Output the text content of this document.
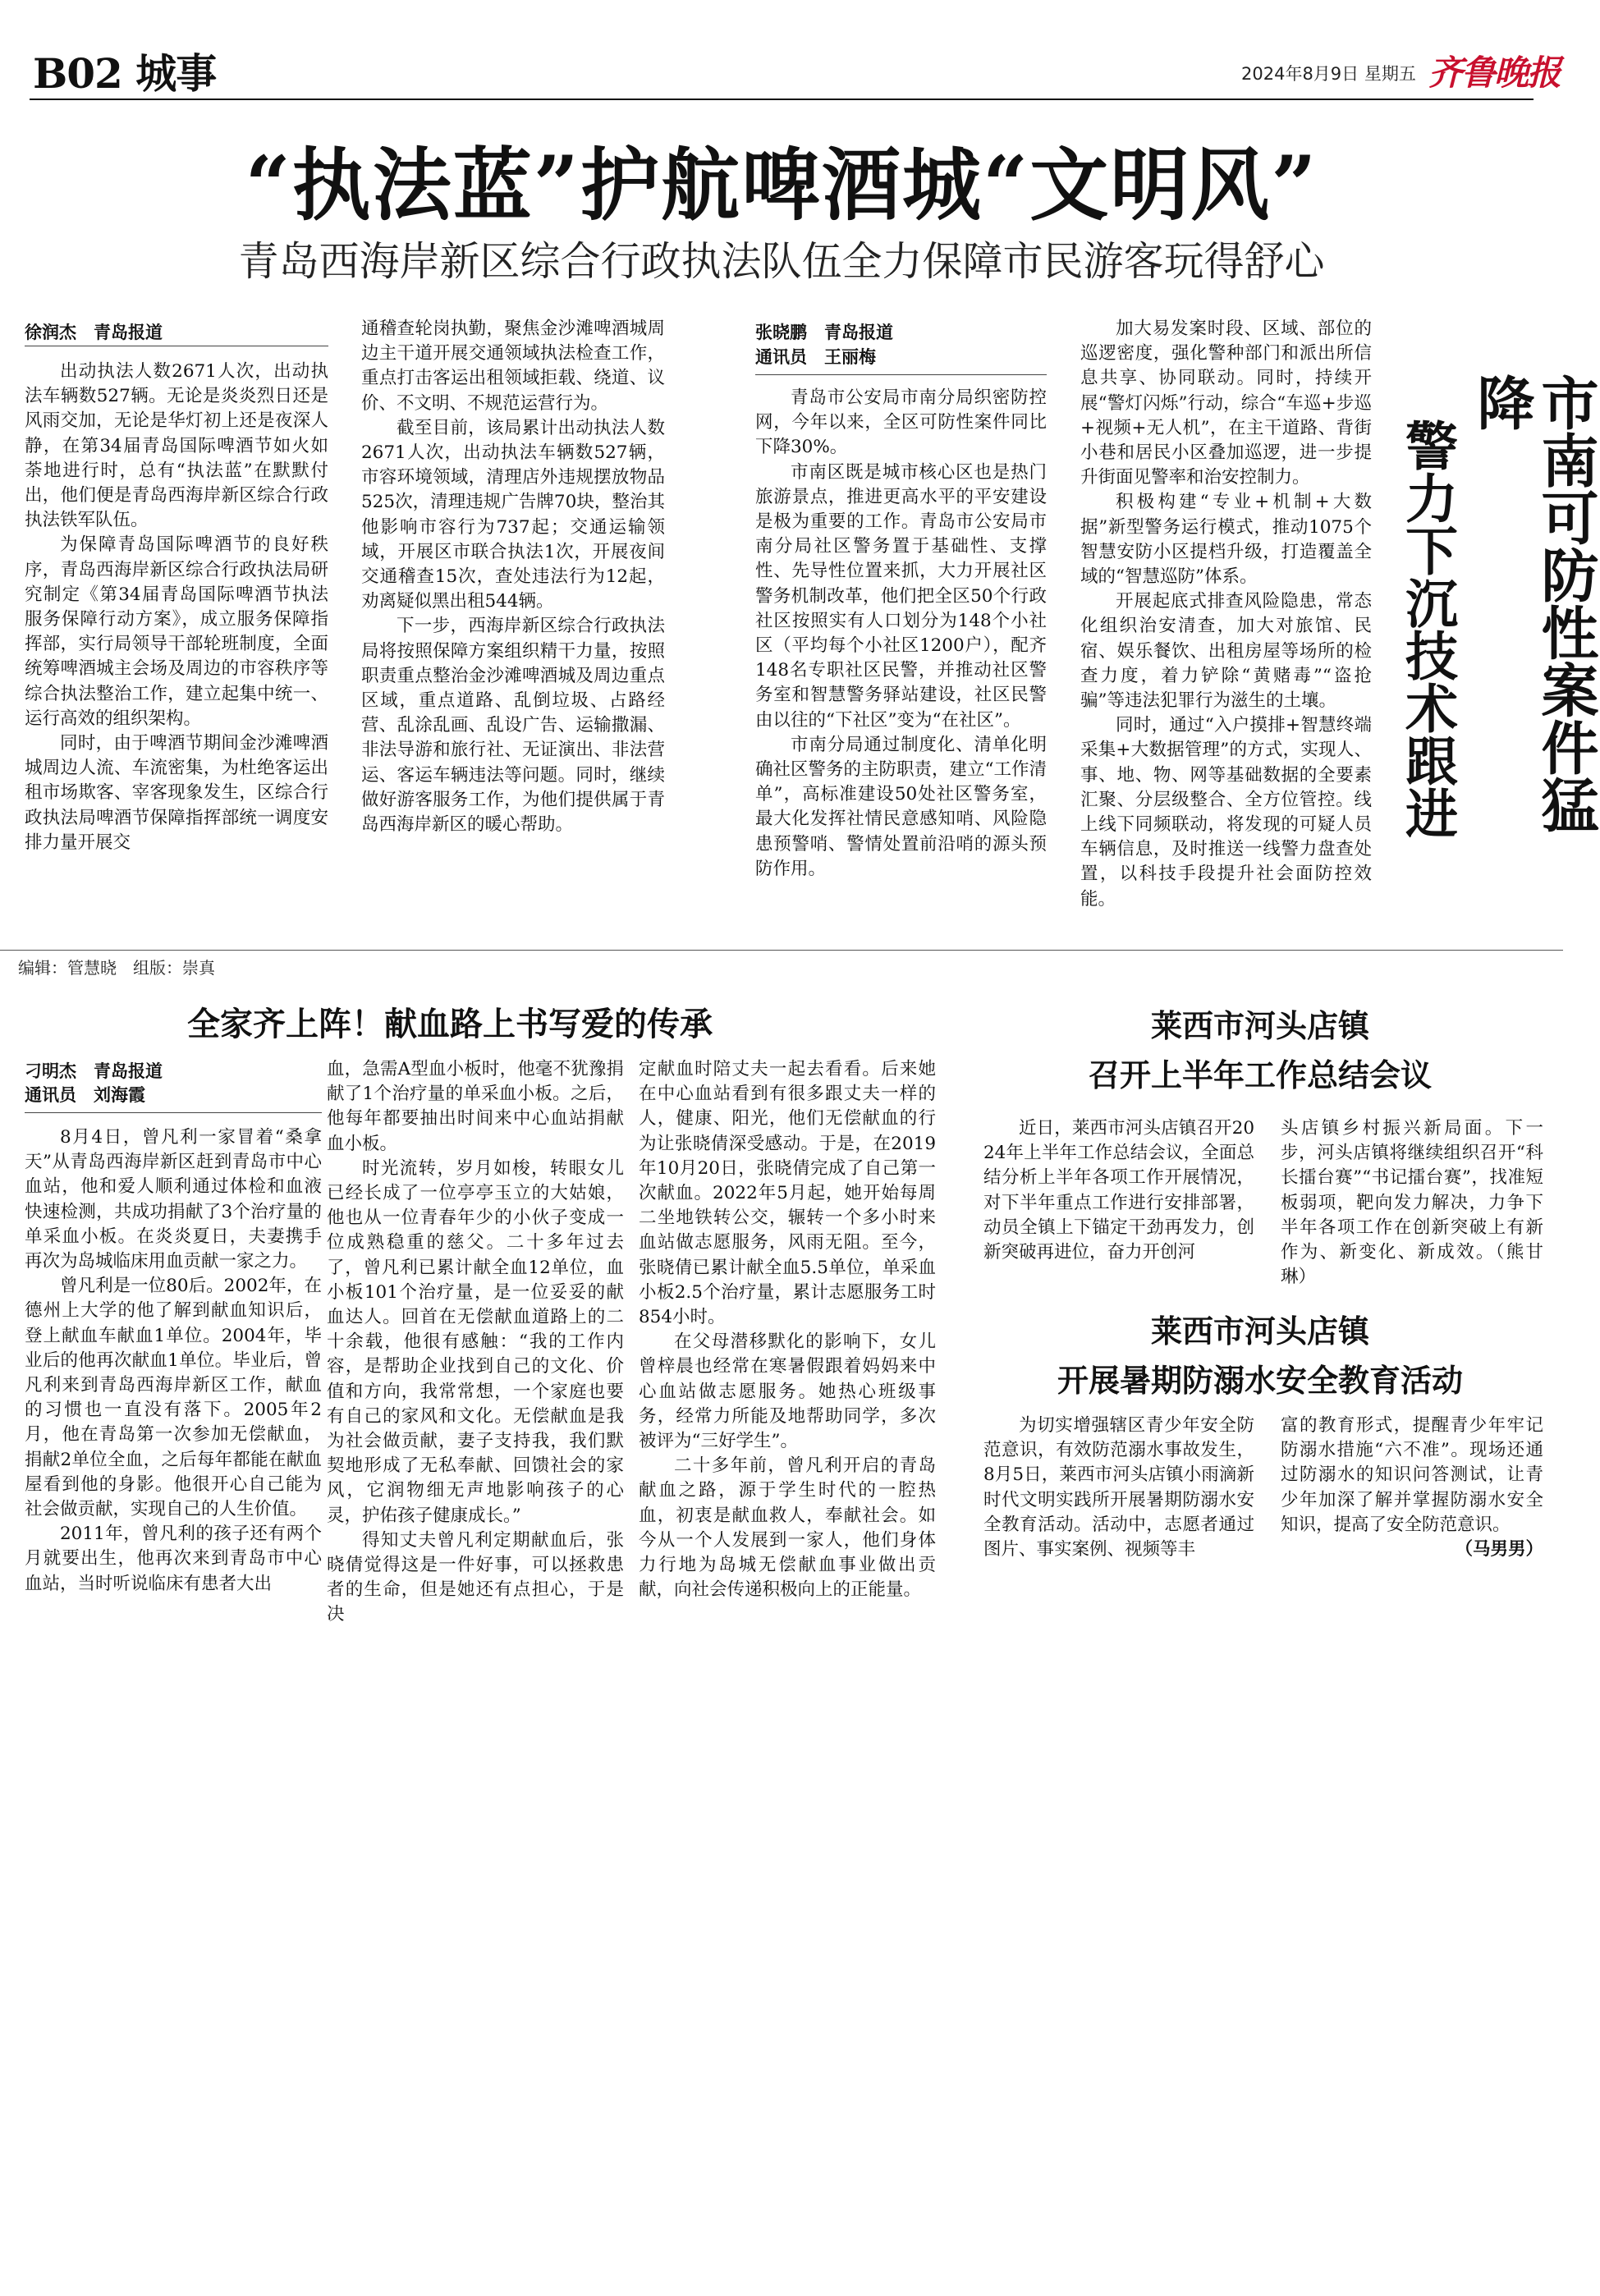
B02 城事	2024年8月9日 星期五 齐鲁晚报
“执法蓝”护航啤酒城“文明风”
青岛西海岸新区综合行政执法队伍全力保障市民游客玩得舒心
徐润杰　青岛报道

出动执法人数2671人次，出动执法车辆数527辆。无论是炎炎烈日还是风雨交加，无论是华灯初上还是夜深人静，在第34届青岛国际啤酒节如火如荼地进行时，总有“执法蓝”在默默付出，他们便是青岛西海岸新区综合行政执法铁军队伍。

为保障青岛国际啤酒节的良好秩序，青岛西海岸新区综合行政执法局研究制定《第34届青岛国际啤酒节执法服务保障行动方案》，成立服务保障指挥部，实行局领导干部轮班制度，全面统筹啤酒城主会场及周边的市容秩序等综合执法整治工作，建立起集中统一、运行高效的组织架构。

同时，由于啤酒节期间金沙滩啤酒城周边人流、车流密集，为杜绝客运出租市场欺客、宰客现象发生，区综合行政执法局啤酒节保障指挥部统一调度安排力量开展交

通稽查轮岗执勤，聚焦金沙滩啤酒城周边主干道开展交通领域执法检查工作，重点打击客运出租领域拒载、绕道、议价、不文明、不规范运营行为。

截至目前，该局累计出动执法人数2671人次，出动执法车辆数527辆，市容环境领域，清理店外违规摆放物品525次，清理违规广告牌70块，整治其他影响市容行为737起；交通运输领域，开展区市联合执法1次，开展夜间交通稽查15次，查处违法行为12起，劝离疑似黑出租544辆。

下一步，西海岸新区综合行政执法局将按照保障方案组织精干力量，按照职责重点整治金沙滩啤酒城及周边重点区域，重点道路、乱倒垃圾、占路经营、乱涂乱画、乱设广告、运输撒漏、非法导游和旅行社、无证演出、非法营运、客运车辆违法等问题。同时，继续做好游客服务工作，为他们提供属于青岛西海岸新区的暖心帮助。

张晓鹏　青岛报道
通讯员　王丽梅

青岛市公安局市南分局织密防控网，今年以来，全区可防性案件同比下降30%。

市南区既是城市核心区也是热门旅游景点，推进更高水平的平安建设是极为重要的工作。青岛市公安局市南分局社区警务置于基础性、支撑性、先导性位置来抓，大力开展社区警务机制改革，他们把全区50个行政社区按照实有人口划分为148个小社区（平均每个小社区1200户），配齐148名专职社区民警，并推动社区警务室和智慧警务驿站建设，社区民警由以往的“下社区”变为“在社区”。

市南分局通过制度化、清单化明确社区警务的主防职责，建立“工作清单”，高标准建设50处社区警务室，最大化发挥社情民意感知哨、风险隐患预警哨、警情处置前沿哨的源头预防作用。

加大易发案时段、区域、部位的巡逻密度，强化警种部门和派出所信息共享、协同联动。同时，持续开展“警灯闪烁”行动，综合“车巡+步巡+视频+无人机”，在主干道路、背街小巷和居民小区叠加巡逻，进一步提升街面见警率和治安控制力。

积极构建“专业+机制+大数据”新型警务运行模式，推动1075个智慧安防小区提档升级，打造覆盖全域的“智慧巡防”体系。

开展起底式排查风险隐患，常态化组织治安清查，加大对旅馆、民宿、娱乐餐饮、出租房屋等场所的检查力度，着力铲除“黄赌毒”“盗抢骗”等违法犯罪行为滋生的土壤。

同时，通过“入户摸排+智慧终端采集+大数据管理”的方式，实现人、事、地、物、网等基础数据的全要素汇聚、分层级整合、全方位管控。线上线下同频联动，将发现的可疑人员车辆信息，及时推送一线警力盘查处置，以科技手段提升社会面防控效能。

市南可防性案件猛降
警力下沉技术跟进
编辑：管慧晓　组版：崇真
全家齐上阵！献血路上书写爱的传承
刁明杰　青岛报道
通讯员　刘海霞

8月4日，曾凡利一家冒着“桑拿天”从青岛西海岸新区赶到青岛市中心血站，他和爱人顺利通过体检和血液快速检测，共成功捐献了3个治疗量的单采血小板。在炎炎夏日，夫妻携手再次为岛城临床用血贡献一家之力。

曾凡利是一位80后。2002年，在德州上大学的他了解到献血知识后，登上献血车献血1单位。2004年，毕业后的他再次献血1单位。毕业后，曾凡利来到青岛西海岸新区工作，献血的习惯也一直没有落下。2005年2月，他在青岛第一次参加无偿献血，捐献2单位全血，之后每年都能在献血屋看到他的身影。他很开心自己能为社会做贡献，实现自己的人生价值。

2011年，曾凡利的孩子还有两个月就要出生，他再次来到青岛市中心血站，当时听说临床有患者大出

血，急需A型血小板时，他毫不犹豫捐献了1个治疗量的单采血小板。之后，他每年都要抽出时间来中心血站捐献血小板。

时光流转，岁月如梭，转眼女儿已经长成了一位亭亭玉立的大姑娘，他也从一位青春年少的小伙子变成一位成熟稳重的慈父。二十多年过去了，曾凡利已累计献全血12单位，血小板101个治疗量，是一位妥妥的献血达人。回首在无偿献血道路上的二十余载，他很有感触：“我的工作内容，是帮助企业找到自己的文化、价值和方向，我常常想，一个家庭也要有自己的家风和文化。无偿献血是我为社会做贡献，妻子支持我，我们默契地形成了无私奉献、回馈社会的家风，它润物细无声地影响孩子的心灵，护佑孩子健康成长。”

得知丈夫曾凡利定期献血后，张晓倩觉得这是一件好事，可以拯救患者的生命，但是她还有点担心，于是决

定献血时陪丈夫一起去看看。后来她在中心血站看到有很多跟丈夫一样的人，健康、阳光，他们无偿献血的行为让张晓倩深受感动。于是，在2019年10月20日，张晓倩完成了自己第一次献血。2022年5月起，她开始每周二坐地铁转公交，辗转一个多小时来血站做志愿服务，风雨无阻。至今，张晓倩已累计献全血5.5单位，单采血小板2.5个治疗量，累计志愿服务工时854小时。

在父母潜移默化的影响下，女儿曾梓晨也经常在寒暑假跟着妈妈来中心血站做志愿服务。她热心班级事务，经常力所能及地帮助同学，多次被评为“三好学生”。

二十多年前，曾凡利开启的青岛献血之路，源于学生时代的一腔热血，初衷是献血救人，奉献社会。如今从一个人发展到一家人，他们身体力行地为岛城无偿献血事业做出贡献，向社会传递积极向上的正能量。

莱西市河头店镇
召开上半年工作总结会议

近日，莱西市河头店镇召开2024年上半年工作总结会议，全面总结分析上半年各项工作开展情况，对下半年重点工作进行安排部署，动员全镇上下锚定干劲再发力，创新突破再进位，奋力开创河

头店镇乡村振兴新局面。下一步，河头店镇将继续组织召开“科长擂台赛”“书记擂台赛”，找准短板弱项，靶向发力解决，力争下半年各项工作在创新突破上有新作为、新变化、新成效。（熊甘琳）

莱西市河头店镇
开展暑期防溺水安全教育活动

为切实增强辖区青少年安全防范意识，有效防范溺水事故发生，8月5日，莱西市河头店镇小雨滴新时代文明实践所开展暑期防溺水安全教育活动。活动中，志愿者通过图片、事实案例、视频等丰

富的教育形式，提醒青少年牢记防溺水措施“六不准”。现场还通过防溺水的知识问答测试，让青少年加深了解并掌握防溺水安全知识，提高了安全防范意识。

（马男男）
